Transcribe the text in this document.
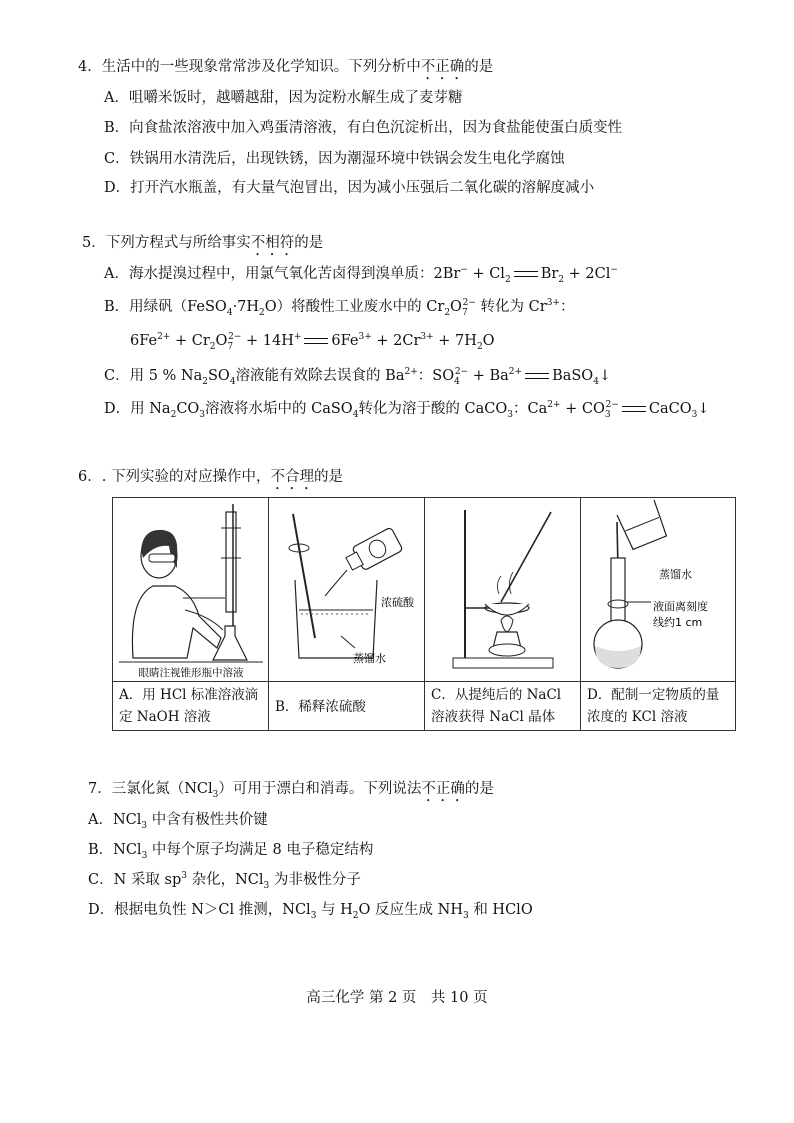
4．生活中的一些现象常常涉及化学知识。下列分析中不正确的是
A．咀嚼米饭时，越嚼越甜，因为淀粉水解生成了麦芽糖
B．向食盐浓溶液中加入鸡蛋清溶液，有白色沉淀析出，因为食盐能使蛋白质变性
C．铁锅用水清洗后，出现铁锈，因为潮湿环境中铁锅会发生电化学腐蚀
D．打开汽水瓶盖，有大量气泡冒出，因为减小压强后二氧化碳的溶解度减小
5．下列方程式与所给事实不相符的是
A．海水提溴过程中，用氯气氧化苦卤得到溴单质：$2Br^- + Cl_2$ $Br_2 + 2Cl^-$
B．用绿矾$(FeSO_4\cdot 7H_2O)$将酸性工业废水中的 $Cr_2O_7^{2-}$ 转化为 $Cr^{3+}$：
$6Fe^{2+} + Cr_2O_7^{2-} + 14H^+$ $6Fe^{3+} + 2Cr^{3+} + 7H_2O$
C．用 5 % $Na_2SO_4$溶液能有效除去误食的 $Ba^{2+}$：$SO_4^{2-} + Ba^{2+}$ BaSO$_4$↓
D．用 $Na_2CO_3$溶液将水垢中的 CaSO$_4$转化为溶于酸的 CaCO$_3$：$Ca^{2+} + CO_3^{2-}$ CaCO$_3$↓
6．. 下列实验的对应操作中，不合理的是
眼睛注视锥形瓶中溶液
A．用 HCl 标准溶液滴定 NaOH 溶液
浓硫酸
蒸馏水
B．稀释浓硫酸
C．从提纯后的 NaCl 溶液获得 NaCl 晶体
蒸馏水
液面离刻度
线约1 cm
D．配制一定物质的量浓度的 KCl 溶液
7．三氯化氮（NCl$_3$）可用于漂白和消毒。下列说法不正确的是
A．NCl$_3$ 中含有极性共价键
B．NCl$_3$ 中每个原子均满足 8 电子稳定结构
C．N 采取 $sp^3$ 杂化，NCl$_3$ 为非极性分子
D．根据电负性 N＞Cl 推测，NCl$_3$ 与 $H_2O$ 反应生成 $NH_3$ 和 HClO
高三化学 第 2 页　共 10 页
